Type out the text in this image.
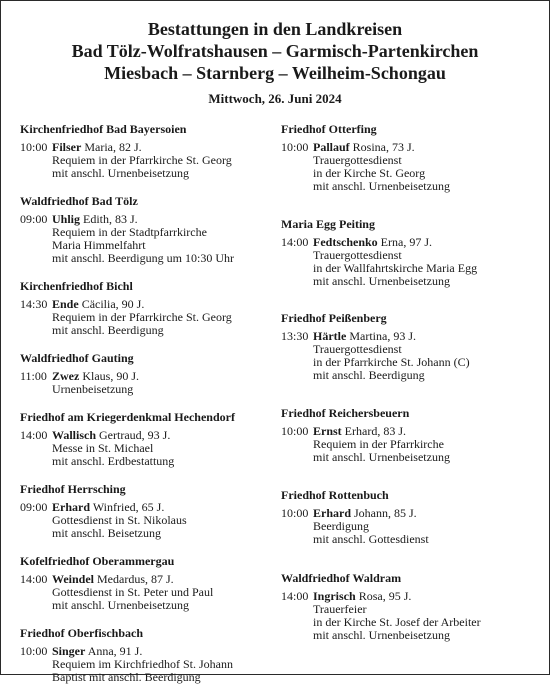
Bestattungen in den Landkreisen
Bad Tölz-Wolfratshausen – Garmisch-Partenkirchen
Miesbach – Starnberg – Weilheim-Schongau
Mittwoch, 26. Juni 2024
Kirchenfriedhof Bad Bayersoien
10:00 Filser Maria, 82 J.
Requiem in der Pfarrkirche St. Georg
mit anschl. Urnenbeisetzung
Waldfriedhof Bad Tölz
09:00 Uhlig Edith, 83 J.
Requiem in der Stadtpfarrkirche
Maria Himmelfahrt
mit anschl. Beerdigung um 10:30 Uhr
Kirchenfriedhof Bichl
14:30 Ende Cäcilia, 90 J.
Requiem in der Pfarrkirche St. Georg
mit anschl. Beerdigung
Waldfriedhof Gauting
11:00 Zwez Klaus, 90 J.
Urnenbeisetzung
Friedhof am Kriegerdenkmal Hechendorf
14:00 Wallisch Gertraud, 93 J.
Messe in St. Michael
mit anschl. Erdbestattung
Friedhof Herrsching
09:00 Erhard Winfried, 65 J.
Gottesdienst in St. Nikolaus
mit anschl. Beisetzung
Kofelfriedhof Oberammergau
14:00 Weindel Medardus, 87 J.
Gottesdienst in St. Peter und Paul
mit anschl. Urnenbeisetzung
Friedhof Oberfischbach
10:00 Singer Anna, 91 J.
Requiem im Kirchfriedhof St. Johann
Baptist mit anschl. Beerdigung
Friedhof Otterfing
10:00 Pallauf Rosina, 73 J.
Trauergottesdienst
in der Kirche St. Georg
mit anschl. Urnenbeisetzung
Maria Egg Peiting
14:00 Fedtschenko Erna, 97 J.
Trauergottesdienst
in der Wallfahrtskirche Maria Egg
mit anschl. Urnenbeisetzung
Friedhof Peißenberg
13:30 Härtle Martina, 93 J.
Trauergottesdienst
in der Pfarrkirche St. Johann (C)
mit anschl. Beerdigung
Friedhof Reichersbeuern
10:00 Ernst Erhard, 83 J.
Requiem in der Pfarrkirche
mit anschl. Urnenbeisetzung
Friedhof Rottenbuch
10:00 Erhard Johann, 85 J.
Beerdigung
mit anschl. Gottesdienst
Waldfriedhof Waldram
14:00 Ingrisch Rosa, 95 J.
Trauerfeier
in der Kirche St. Josef der Arbeiter
mit anschl. Urnenbeisetzung
